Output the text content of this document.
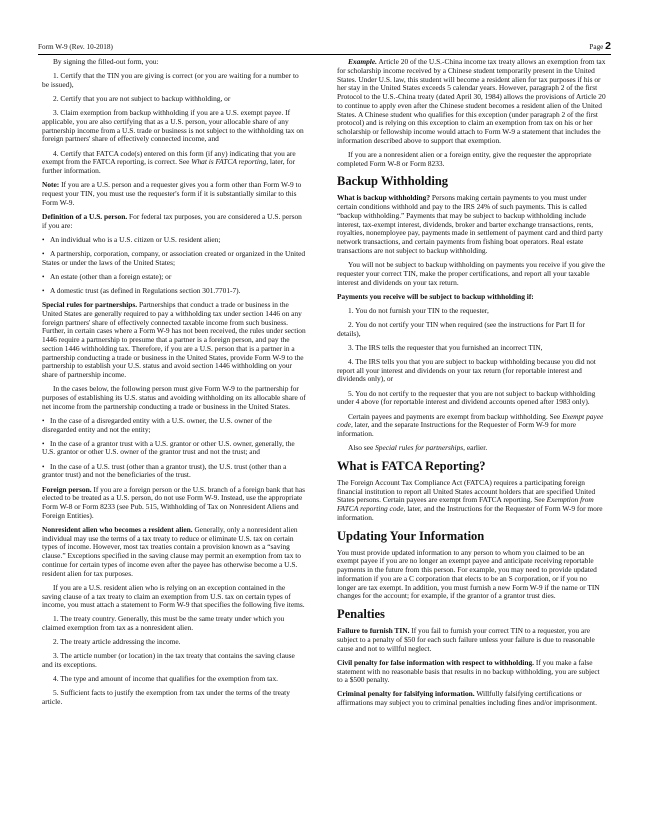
Form W-9 (Rev. 10-2018)	Page 2

By signing the filled-out form, you:

1. Certify that the TIN you are giving is correct (or you are waiting for a number to be issued),

2. Certify that you are not subject to backup withholding, or

3. Claim exemption from backup withholding if you are a U.S. exempt payee. If applicable, you are also certifying that as a U.S. person, your allocable share of any partnership income from a U.S. trade or business is not subject to the withholding tax on foreign partners' share of effectively connected income, and

4. Certify that FATCA code(s) entered on this form (if any) indicating that you are exempt from the FATCA reporting, is correct. See What is FATCA reporting, later, for further information.

Note: If you are a U.S. person and a requester gives you a form other than Form W-9 to request your TIN, you must use the requester's form if it is substantially similar to this Form W-9.

Definition of a U.S. person. For federal tax purposes, you are considered a U.S. person if you are:

• An individual who is a U.S. citizen or U.S. resident alien;

• A partnership, corporation, company, or association created or organized in the United States or under the laws of the United States;

• An estate (other than a foreign estate); or

• A domestic trust (as defined in Regulations section 301.7701-7).

Special rules for partnerships. Partnerships that conduct a trade or business in the United States are generally required to pay a withholding tax under section 1446 on any foreign partners' share of effectively connected taxable income from such business. Further, in certain cases where a Form W-9 has not been received, the rules under section 1446 require a partnership to presume that a partner is a foreign person, and pay the section 1446 withholding tax. Therefore, if you are a U.S. person that is a partner in a partnership conducting a trade or business in the United States, provide Form W-9 to the partnership to establish your U.S. status and avoid section 1446 withholding on your share of partnership income.

In the cases below, the following person must give Form W-9 to the partnership for purposes of establishing its U.S. status and avoiding withholding on its allocable share of net income from the partnership conducting a trade or business in the United States.

• In the case of a disregarded entity with a U.S. owner, the U.S. owner of the disregarded entity and not the entity;

• In the case of a grantor trust with a U.S. grantor or other U.S. owner, generally, the U.S. grantor or other U.S. owner of the grantor trust and not the trust; and

• In the case of a U.S. trust (other than a grantor trust), the U.S. trust (other than a grantor trust) and not the beneficiaries of the trust.

Foreign person. If you are a foreign person or the U.S. branch of a foreign bank that has elected to be treated as a U.S. person, do not use Form W-9. Instead, use the appropriate Form W-8 or Form 8233 (see Pub. 515, Withholding of Tax on Nonresident Aliens and Foreign Entities).

Nonresident alien who becomes a resident alien. Generally, only a nonresident alien individual may use the terms of a tax treaty to reduce or eliminate U.S. tax on certain types of income. However, most tax treaties contain a provision known as a “saving clause.” Exceptions specified in the saving clause may permit an exemption from tax to continue for certain types of income even after the payee has otherwise become a U.S. resident alien for tax purposes.

If you are a U.S. resident alien who is relying on an exception contained in the saving clause of a tax treaty to claim an exemption from U.S. tax on certain types of income, you must attach a statement to Form W-9 that specifies the following five items.

1. The treaty country. Generally, this must be the same treaty under which you claimed exemption from tax as a nonresident alien.

2. The treaty article addressing the income.

3. The article number (or location) in the tax treaty that contains the saving clause and its exceptions.

4. The type and amount of income that qualifies for the exemption from tax.

5. Sufficient facts to justify the exemption from tax under the terms of the treaty article.

Example. Article 20 of the U.S.-China income tax treaty allows an exemption from tax for scholarship income received by a Chinese student temporarily present in the United States. Under U.S. law, this student will become a resident alien for tax purposes if his or her stay in the United States exceeds 5 calendar years. However, paragraph 2 of the first Protocol to the U.S.-China treaty (dated April 30, 1984) allows the provisions of Article 20 to continue to apply even after the Chinese student becomes a resident alien of the United States. A Chinese student who qualifies for this exception (under paragraph 2 of the first protocol) and is relying on this exception to claim an exemption from tax on his or her scholarship or fellowship income would attach to Form W-9 a statement that includes the information described above to support that exemption.

If you are a nonresident alien or a foreign entity, give the requester the appropriate completed Form W-8 or Form 8233.

Backup Withholding

What is backup withholding? Persons making certain payments to you must under certain conditions withhold and pay to the IRS 24% of such payments. This is called “backup withholding.” Payments that may be subject to backup withholding include interest, tax-exempt interest, dividends, broker and barter exchange transactions, rents, royalties, nonemployee pay, payments made in settlement of payment card and third party network transactions, and certain payments from fishing boat operators. Real estate transactions are not subject to backup withholding.

You will not be subject to backup withholding on payments you receive if you give the requester your correct TIN, make the proper certifications, and report all your taxable interest and dividends on your tax return.

Payments you receive will be subject to backup withholding if:

1. You do not furnish your TIN to the requester,

2. You do not certify your TIN when required (see the instructions for Part II for details),

3. The IRS tells the requester that you furnished an incorrect TIN,

4. The IRS tells you that you are subject to backup withholding because you did not report all your interest and dividends on your tax return (for reportable interest and dividends only), or

5. You do not certify to the requester that you are not subject to backup withholding under 4 above (for reportable interest and dividend accounts opened after 1983 only).

Certain payees and payments are exempt from backup withholding. See Exempt payee code, later, and the separate Instructions for the Requester of Form W-9 for more information.

Also see Special rules for partnerships, earlier.

What is FATCA Reporting?

The Foreign Account Tax Compliance Act (FATCA) requires a participating foreign financial institution to report all United States account holders that are specified United States persons. Certain payees are exempt from FATCA reporting. See Exemption from FATCA reporting code, later, and the Instructions for the Requester of Form W-9 for more information.

Updating Your Information

You must provide updated information to any person to whom you claimed to be an exempt payee if you are no longer an exempt payee and anticipate receiving reportable payments in the future from this person. For example, you may need to provide updated information if you are a C corporation that elects to be an S corporation, or if you no longer are tax exempt. In addition, you must furnish a new Form W-9 if the name or TIN changes for the account; for example, if the grantor of a grantor trust dies.

Penalties

Failure to furnish TIN. If you fail to furnish your correct TIN to a requester, you are subject to a penalty of $50 for each such failure unless your failure is due to reasonable cause and not to willful neglect.

Civil penalty for false information with respect to withholding. If you make a false statement with no reasonable basis that results in no backup withholding, you are subject to a $500 penalty.

Criminal penalty for falsifying information. Willfully falsifying certifications or affirmations may subject you to criminal penalties including fines and/or imprisonment.
